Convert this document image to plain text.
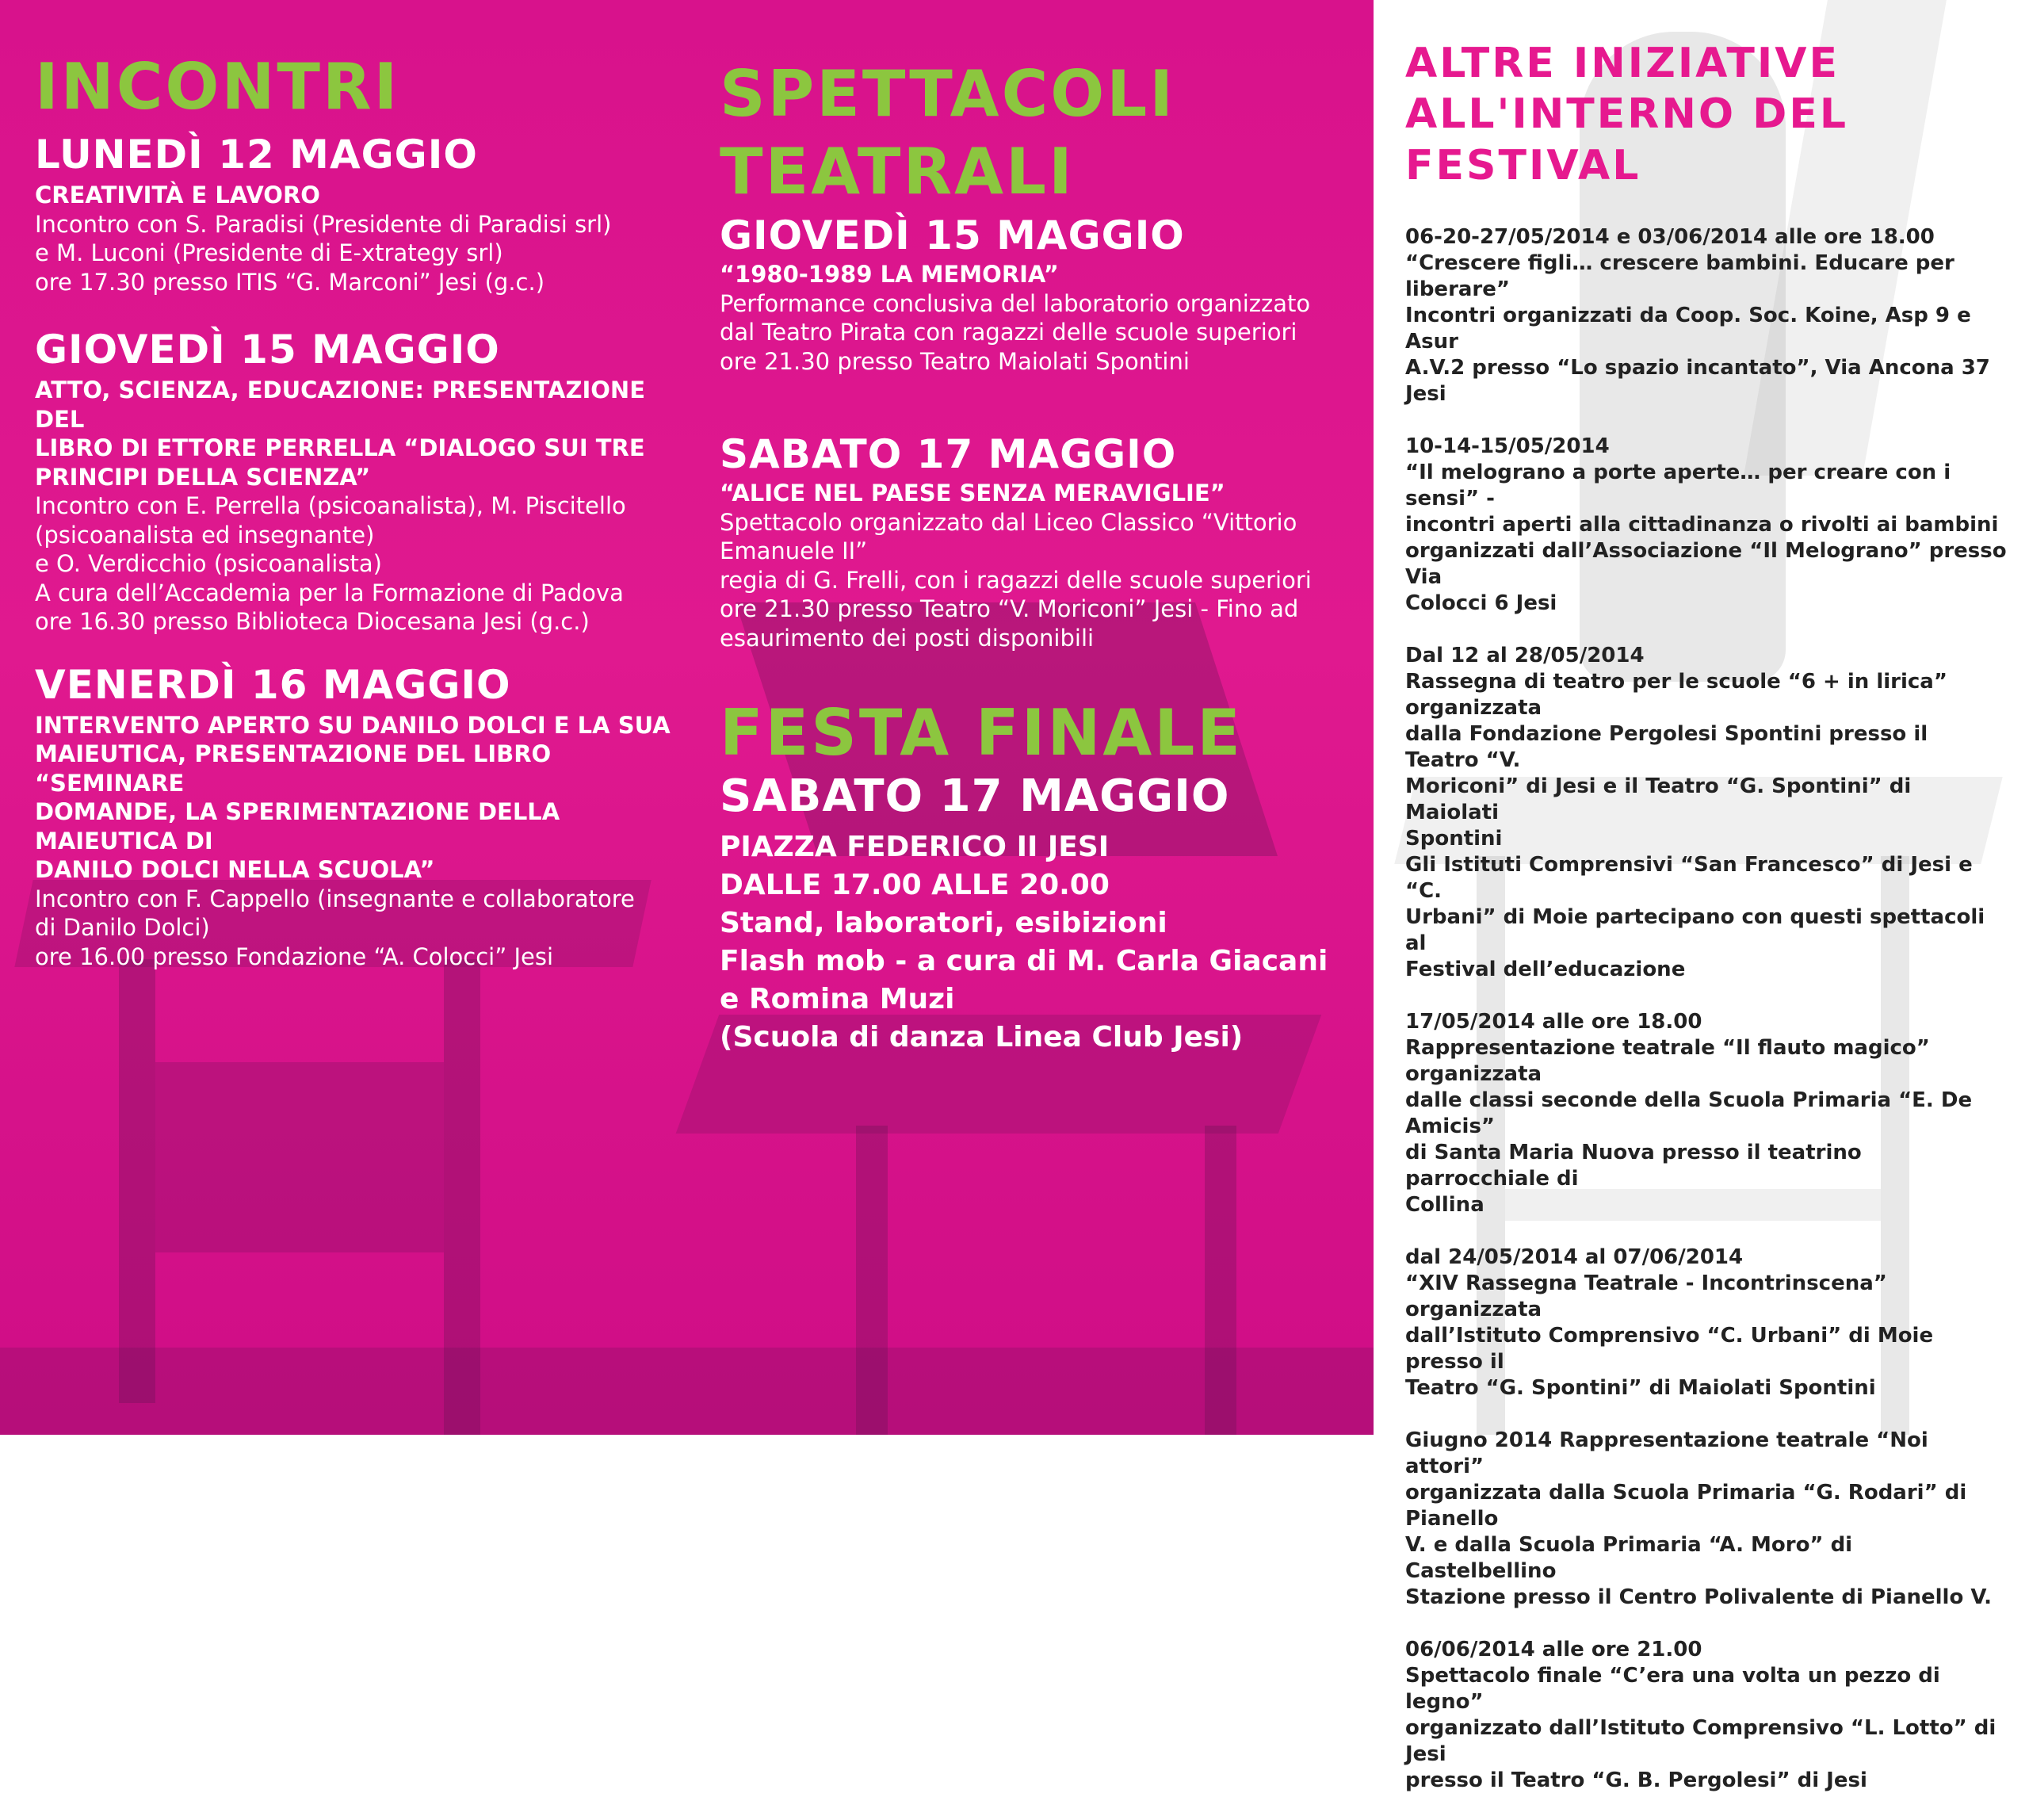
INCONTRI
LUNEDÌ 12 MAGGIO

CREATIVITÀ E LAVORO

Incontro con S. Paradisi (Presidente di Paradisi srl)
e M. Luconi (Presidente di E-xtrategy srl)
ore 17.30 presso ITIS “G. Marconi” Jesi (g.c.)

GIOVEDÌ 15 MAGGIO

ATTO, SCIENZA, EDUCAZIONE: PRESENTAZIONE DEL
LIBRO DI ETTORE PERRELLA “DIALOGO SUI TRE
PRINCIPI DELLA SCIENZA”

Incontro con E. Perrella (psicoanalista), M. Piscitello
(psicoanalista ed insegnante)
e O. Verdicchio (psicoanalista)
A cura dell’Accademia per la Formazione di Padova
ore 16.30 presso Biblioteca Diocesana Jesi (g.c.)

VENERDÌ 16 MAGGIO

INTERVENTO APERTO SU DANILO DOLCI E LA SUA
MAIEUTICA, PRESENTAZIONE DEL LIBRO “SEMINARE
DOMANDE, LA SPERIMENTAZIONE DELLA MAIEUTICA DI
DANILO DOLCI NELLA SCUOLA”

Incontro con F. Cappello (insegnante e collaboratore
di Danilo Dolci)
ore 16.00 presso Fondazione “A. Colocci” Jesi

SPETTACOLI
TEATRALI
GIOVEDÌ 15 MAGGIO

“1980-1989 LA MEMORIA”

Performance conclusiva del laboratorio organizzato
dal Teatro Pirata con ragazzi delle scuole superiori
ore 21.30 presso Teatro Maiolati Spontini

SABATO 17 MAGGIO

“ALICE NEL PAESE SENZA MERAVIGLIE”

Spettacolo organizzato dal Liceo Classico “Vittorio
Emanuele II”
regia di G. Frelli, con i ragazzi delle scuole superiori
ore 21.30 presso Teatro “V. Moriconi” Jesi - Fino ad
esaurimento dei posti disponibili

FESTA FINALE
SABATO 17 MAGGIO

PIAZZA FEDERICO II JESI
DALLE 17.00 ALLE 20.00
Stand, laboratori, esibizioni
Flash mob - a cura di M. Carla Giacani
e Romina Muzi
(Scuola di danza Linea Club Jesi)

ALTRE INIZIATIVE
ALL'INTERNO DEL
FESTIVAL

06-20-27/05/2014 e 03/06/2014 alle ore 18.00

“Crescere figli… crescere bambini. Educare per liberare”
Incontri organizzati da Coop. Soc. Koine, Asp 9 e Asur
A.V.2 presso “Lo spazio incantato”, Via Ancona 37 Jesi

10-14-15/05/2014

“Il melograno a porte aperte… per creare con i sensi” -
incontri aperti alla cittadinanza o rivolti ai bambini
organizzati dall’Associazione “Il Melograno” presso Via
Colocci 6 Jesi

Dal 12 al 28/05/2014

Rassegna di teatro per le scuole “6 + in lirica” organizzata
dalla Fondazione Pergolesi Spontini presso il Teatro “V.
Moriconi” di Jesi e il Teatro “G. Spontini” di Maiolati
Spontini
Gli Istituti Comprensivi “San Francesco” di Jesi e “C.
Urbani” di Moie partecipano con questi spettacoli al
Festival dell’educazione

17/05/2014 alle ore 18.00

Rappresentazione teatrale “Il flauto magico” organizzata
dalle classi seconde della Scuola Primaria “E. De Amicis”
di Santa Maria Nuova presso il teatrino parrocchiale di
Collina

dal 24/05/2014 al 07/06/2014

“XIV Rassegna Teatrale - Incontrinscena” organizzata
dall’Istituto Comprensivo “C. Urbani” di Moie presso il
Teatro “G. Spontini” di Maiolati Spontini

Giugno 2014 Rappresentazione teatrale “Noi attori”
organizzata dalla Scuola Primaria “G. Rodari” di Pianello
V. e dalla Scuola Primaria “A. Moro” di Castelbellino
Stazione presso il Centro Polivalente di Pianello V.

06/06/2014 alle ore 21.00

Spettacolo finale “C’era una volta un pezzo di legno”
organizzato dall’Istituto Comprensivo “L. Lotto” di Jesi
presso il Teatro “G. B. Pergolesi” di Jesi
